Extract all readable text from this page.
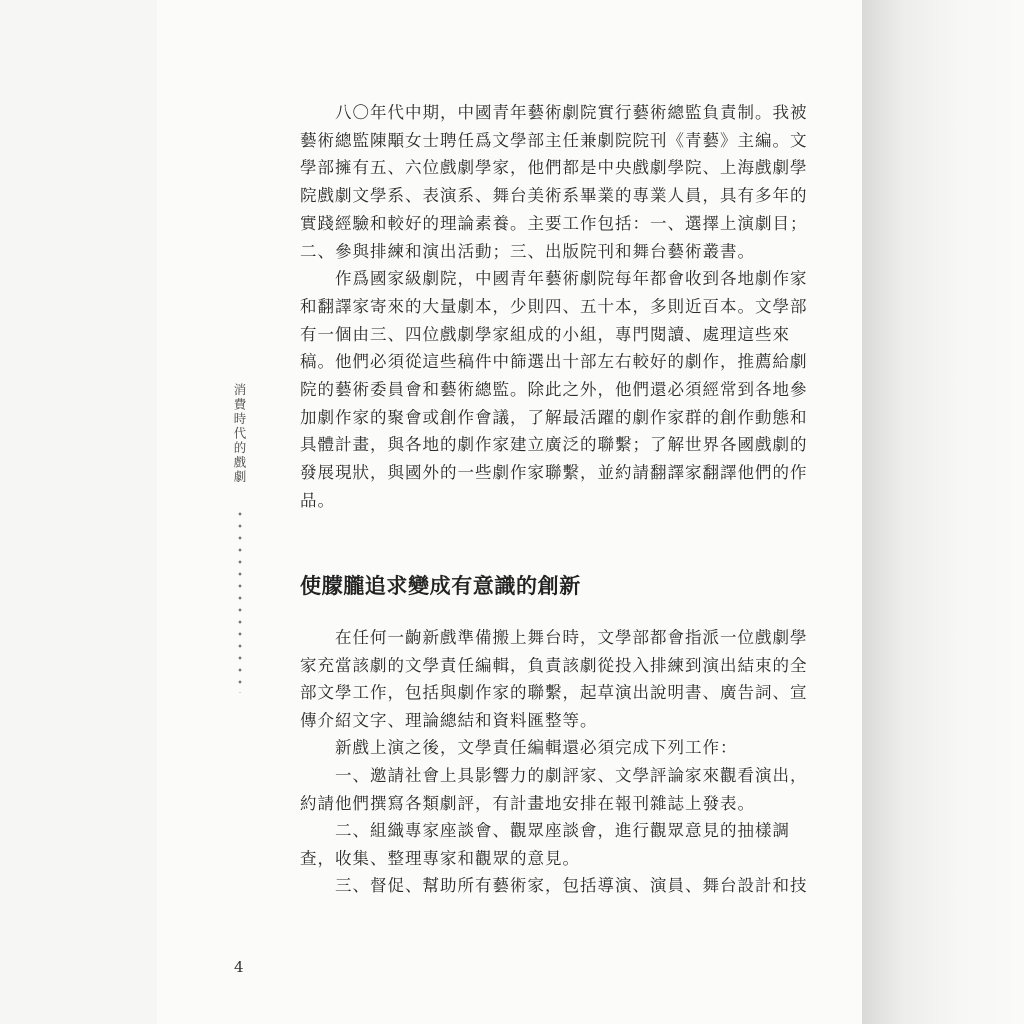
消費時代的戲劇
　　八〇年代中期，中國青年藝術劇院實行藝術總監負責制。我被
藝術總監陳顒女士聘任爲文學部主任兼劇院院刊《青藝》主編。文
學部擁有五、六位戲劇學家，他們都是中央戲劇學院、上海戲劇學
院戲劇文學系、表演系、舞台美術系畢業的專業人員，具有多年的
實踐經驗和較好的理論素養。主要工作包括：一、選擇上演劇目；
二、參與排練和演出活動；三、出版院刊和舞台藝術叢書。
　　作爲國家級劇院，中國青年藝術劇院每年都會收到各地劇作家
和翻譯家寄來的大量劇本，少則四、五十本，多則近百本。文學部
有一個由三、四位戲劇學家組成的小組，專門閱讀、處理這些來
稿。他們必須從這些稿件中篩選出十部左右較好的劇作，推薦給劇
院的藝術委員會和藝術總監。除此之外，他們還必須經常到各地參
加劇作家的聚會或創作會議，了解最活躍的劇作家群的創作動態和
具體計畫，與各地的劇作家建立廣泛的聯繫；了解世界各國戲劇的
發展現狀，與國外的一些劇作家聯繫，並約請翻譯家翻譯他們的作
品。
使朦朧追求變成有意識的創新
　　在任何一齣新戲準備搬上舞台時，文學部都會指派一位戲劇學
家充當該劇的文學責任編輯，負責該劇從投入排練到演出結束的全
部文學工作，包括與劇作家的聯繫，起草演出說明書、廣告詞、宣
傳介紹文字、理論總結和資料匯整等。
　　新戲上演之後，文學責任編輯還必須完成下列工作：
　　一、邀請社會上具影響力的劇評家、文學評論家來觀看演出，
約請他們撰寫各類劇評，有計畫地安排在報刊雜誌上發表。
　　二、組織專家座談會、觀眾座談會，進行觀眾意見的抽樣調
查，收集、整理專家和觀眾的意見。
　　三、督促、幫助所有藝術家，包括導演、演員、舞台設計和技
4
